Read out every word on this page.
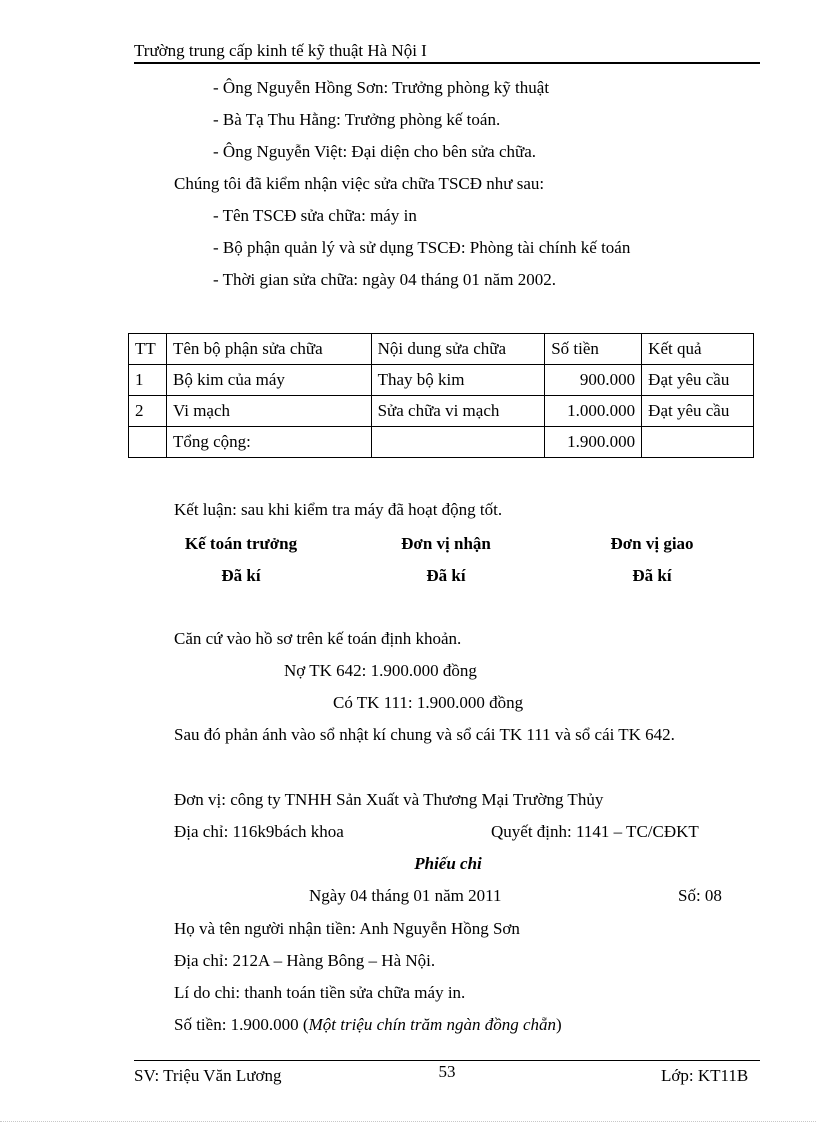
Trường trung cấp kinh tế kỹ thuật Hà Nội I
- Ông Nguyễn Hồng Sơn: Trưởng phòng kỹ thuật
- Bà Tạ Thu Hằng: Trưởng phòng kế toán.
- Ông Nguyễn Việt: Đại diện cho bên sửa chữa.
Chúng tôi đã kiểm nhận việc sửa chữa TSCĐ như sau:
- Tên TSCĐ sửa chữa: máy in
- Bộ phận quản lý và sử dụng TSCĐ: Phòng tài chính kế toán
- Thời gian sửa chữa: ngày 04 tháng 01 năm 2002.
TT	Tên bộ phận sửa chữa	Nội dung sửa chữa	Số tiền	Kết quả
1	Bộ kim của máy	Thay bộ kim	900.000	Đạt yêu cầu
2	Vi mạch	Sửa chữa vi mạch	1.000.000	Đạt yêu cầu
	Tổng cộng:		1.900.000	
Kết luận: sau khi kiểm tra máy đã hoạt động tốt.
Kế toán trưởng	Đơn vị nhận	Đơn vị giao
Đã kí	Đã kí	Đã kí
Căn cứ vào hồ sơ trên kế toán định khoản.
Nợ TK 642: 1.900.000 đồng
Có TK 111: 1.900.000 đồng
Sau đó phản ánh vào sổ nhật kí chung và sổ cái TK 111 và sổ cái TK 642.
Đơn vị: công ty TNHH Sản Xuất và Thương Mại Trường Thủy
Địa chỉ: 116k9bách khoa	Quyết định: 1141 – TC/CĐKT
Phiếu chi
Ngày 04 tháng 01 năm 2011	Số: 08
Họ và tên người nhận tiền: Anh Nguyễn Hồng Sơn
Địa chỉ: 212A – Hàng Bông – Hà Nội.
Lí do chi: thanh toán tiền sửa chữa máy in.
Số tiền: 1.900.000 (Một triệu chín trăm ngàn đồng chẵn)
SV: Triệu Văn Lương	53	Lớp: KT11B
